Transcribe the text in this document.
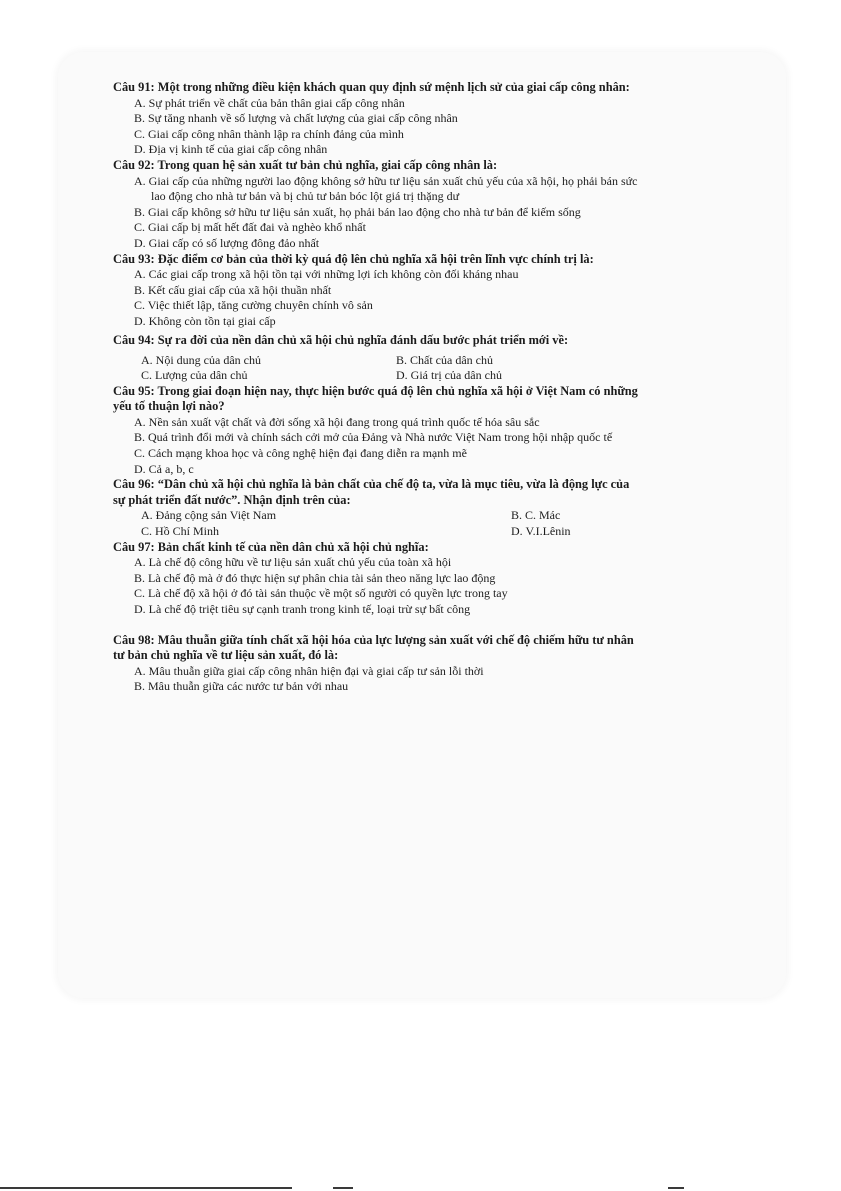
Câu 91: Một trong những điều kiện khách quan quy định sứ mệnh lịch sử của giai cấp công nhân:
A. Sự phát triển về chất của bản thân giai cấp công nhân
B. Sự tăng nhanh về số lượng và chất lượng của giai cấp công nhân
C. Giai cấp công nhân thành lập ra chính đảng của mình
D. Địa vị kinh tế của giai cấp công nhân
Câu 92: Trong quan hệ sản xuất tư bản chủ nghĩa, giai cấp công nhân là:
A. Giai cấp của những người lao động không sở hữu tư liệu sản xuất chủ yếu của xã hội, họ phải bán sức lao động cho nhà tư bản và bị chủ tư bản bóc lột giá trị thặng dư
B. Giai cấp không sở hữu tư liệu sản xuất, họ phải bán lao động cho nhà tư bản để kiếm sống
C. Giai cấp bị mất hết đất đai và nghèo khổ nhất
D. Giai cấp có số lượng đông đảo nhất
Câu 93: Đặc điểm cơ bản của thời kỳ quá độ lên chủ nghĩa xã hội trên lĩnh vực chính trị là:
A. Các giai cấp trong xã hội tồn tại với những lợi ích không còn đối kháng nhau
B. Kết cấu giai cấp của xã hội thuần nhất
C. Việc thiết lập, tăng cường chuyên chính vô sản
D. Không còn tồn tại giai cấp
Câu 94: Sự ra đời của nền dân chủ xã hội chủ nghĩa đánh dấu bước phát triển mới về:
A. Nội dung của dân chủ	B. Chất của dân chủ
C. Lượng của dân chủ	D. Giá trị của dân chủ
Câu 95: Trong giai đoạn hiện nay, thực hiện bước quá độ lên chủ nghĩa xã hội ở Việt Nam có những yếu tố thuận lợi nào?
A. Nền sản xuất vật chất và đời sống xã hội đang trong quá trình quốc tế hóa sâu sắc
B. Quá trình đổi mới và chính sách cởi mở của Đảng và Nhà nước Việt Nam trong hội nhập quốc tế
C. Cách mạng khoa học và công nghệ hiện đại đang diễn ra mạnh mẽ
D. Cả a, b, c
Câu 96: “Dân chủ xã hội chủ nghĩa là bản chất của chế độ ta, vừa là mục tiêu, vừa là động lực của sự phát triển đất nước”. Nhận định trên của:
A. Đảng cộng sản Việt Nam	B. C. Mác
C. Hồ Chí Minh	D. V.I.Lênin
Câu 97: Bản chất kinh tế của nền dân chủ xã hội chủ nghĩa:
A. Là chế độ công hữu về tư liệu sản xuất chủ yếu của toàn xã hội
B. Là chế độ mà ở đó thực hiện sự phân chia tài sản theo năng lực lao động
C. Là chế độ xã hội ở đó tài sản thuộc về một số người có quyền lực trong tay
D. Là chế độ triệt tiêu sự cạnh tranh trong kinh tế, loại trừ sự bất công
Câu 98: Mâu thuẫn giữa tính chất xã hội hóa của lực lượng sản xuất với chế độ chiếm hữu tư nhân tư bản chủ nghĩa về tư liệu sản xuất, đó là:
A. Mâu thuẫn giữa giai cấp công nhân hiện đại và giai cấp tư sản lỗi thời
B. Mâu thuẫn giữa các nước tư bản với nhau
